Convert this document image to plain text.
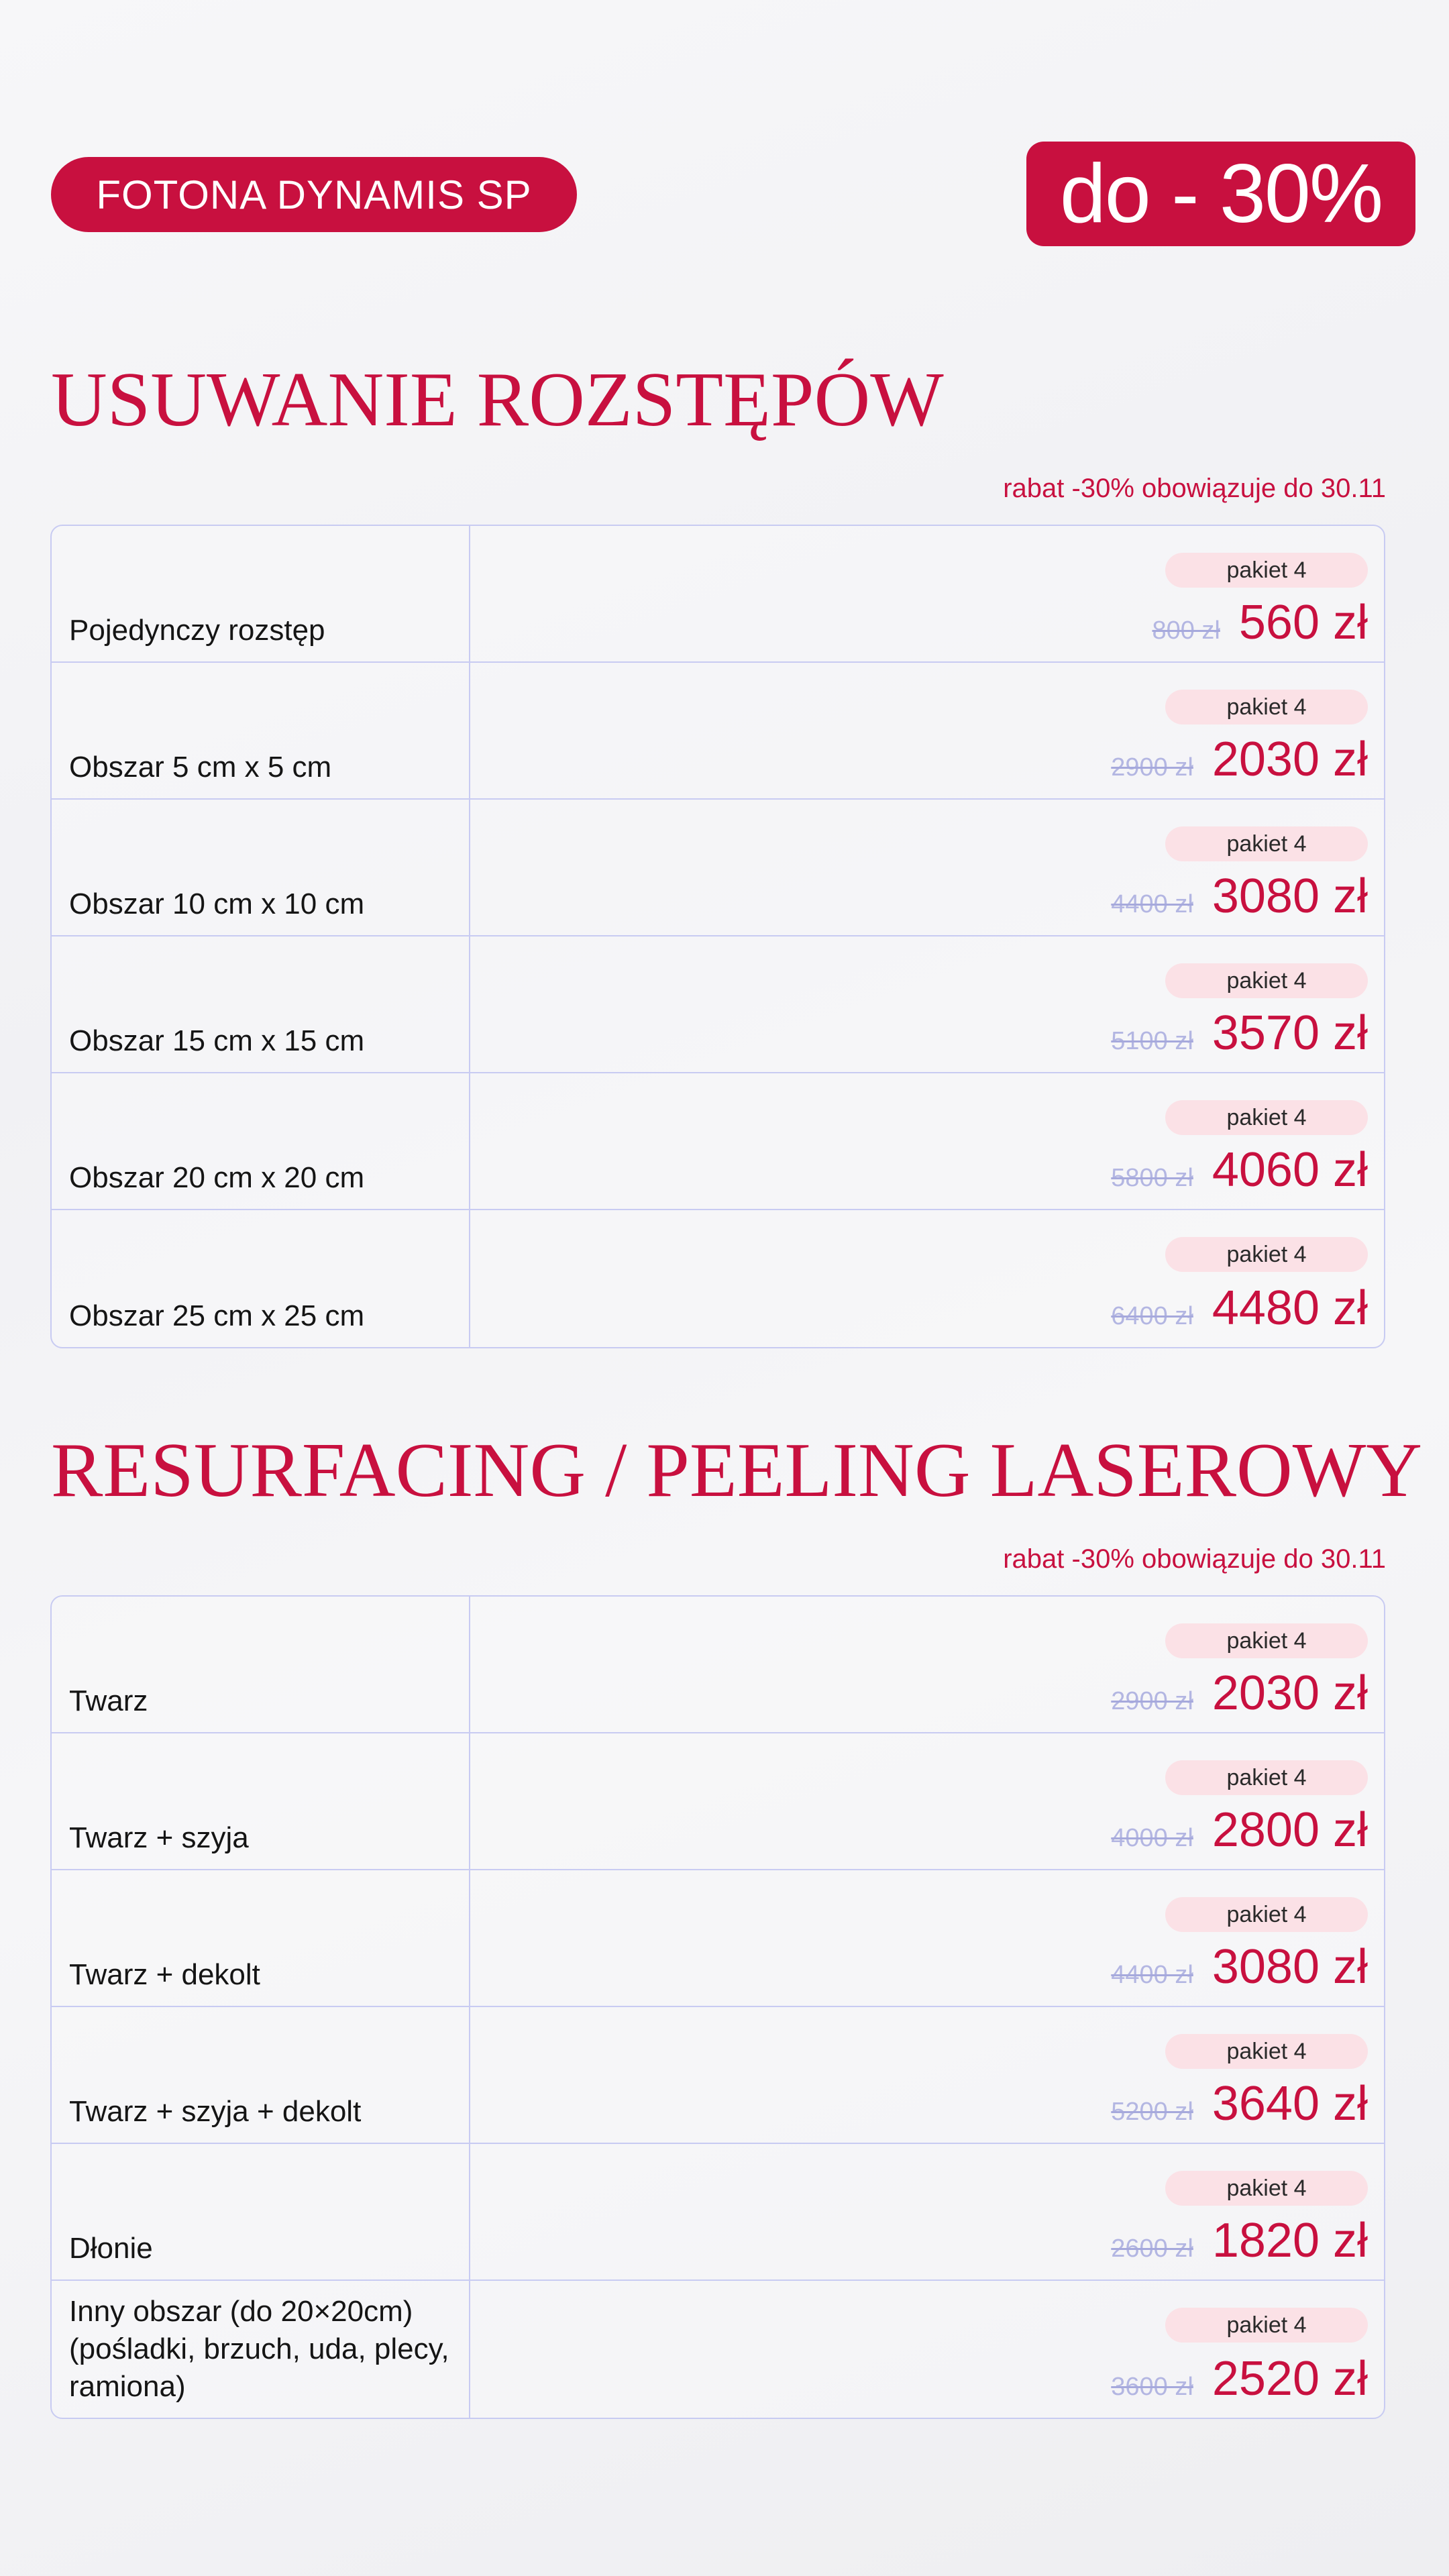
FOTONA DYNAMIS SP	do - 30%
USUWANIE ROZSTĘPÓW
rabat -30% obowiązuje do 30.11
Pojedynczy rozstęp
pakiet 4
800 zł 560 zł
Obszar 5 cm x 5 cm
pakiet 4
2900 zł 2030 zł
Obszar 10 cm x 10 cm
pakiet 4
4400 zł 3080 zł
Obszar 15 cm x 15 cm
pakiet 4
5100 zł 3570 zł
Obszar 20 cm x 20 cm
pakiet 4
5800 zł 4060 zł
Obszar 25 cm x 25 cm
pakiet 4
6400 zł 4480 zł
RESURFACING / PEELING LASEROWY
rabat -30% obowiązuje do 30.11
Twarz
pakiet 4
2900 zł 2030 zł
Twarz + szyja
pakiet 4
4000 zł 2800 zł
Twarz + dekolt
pakiet 4
4400 zł 3080 zł
Twarz + szyja + dekolt
pakiet 4
5200 zł 3640 zł
Dłonie
pakiet 4
2600 zł 1820 zł
Inny obszar (do 20×20cm)
(pośladki, brzuch, uda, plecy,
ramiona)
pakiet 4
3600 zł 2520 zł
